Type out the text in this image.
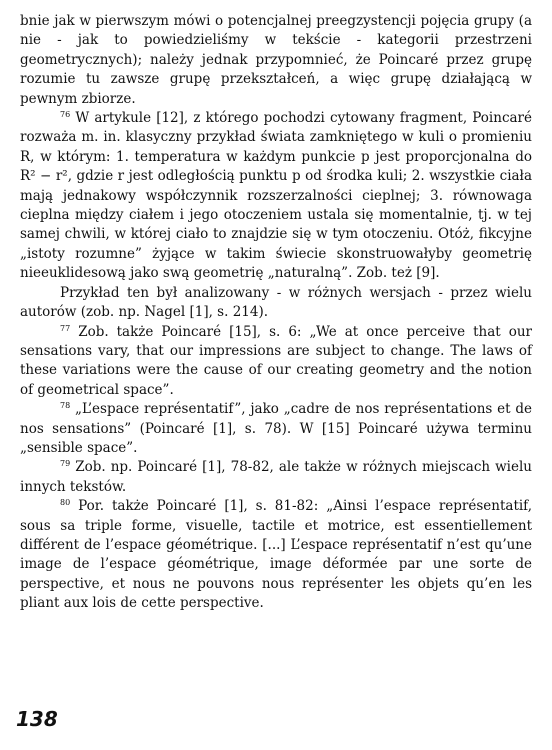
bnie jak w pierwszym mówi o potencjalnej preegzystencji pojęcia grupy (a nie - jak to powiedzieliśmy w tekście - kategorii przestrzeni geometrycznych); należy jednak przypomnieć, że Poincaré przez grupę rozumie tu zawsze grupę przekształceń, a więc grupę działającą w pewnym zbiorze.

$^{76}$ W artykule [12], z którego pochodzi cytowany fragment, Poincaré rozważa m. in. klasyczny przykład świata zamkniętego w kuli o promieniu R, w którym: 1. temperatura w każdym punkcie p jest proporcjonalna do R² − r², gdzie r jest odległością punktu p od środka kuli; 2. wszystkie ciała mają jednakowy współczynnik rozszerzalności cieplnej; 3. równowaga cieplna między ciałem i jego otoczeniem ustala się momentalnie, tj. w tej samej chwili, w której ciało to znajdzie się w tym otoczeniu. Otóż, fikcyjne „istoty rozumne” żyjące w takim świecie skonstruowałyby geometrię nieeuklidesową jako swą geometrię „naturalną”. Zob. też [9].

Przykład ten był analizowany - w różnych wersjach - przez wielu autorów (zob. np. Nagel [1], s. 214).

$^{77}$ Zob. także Poincaré [15], s. 6: „We at once perceive that our sensations vary, that our impressions are subject to change. The laws of these variations were the cause of our creating geometry and the notion of geometrical space”.

$^{78}$ „L’espace représentatif”, jako „cadre de nos représentations et de nos sensations” (Poincaré [1], s. 78). W [15] Poincaré używa terminu „sensible space”.

$^{79}$ Zob. np. Poincaré [1], 78-82, ale także w różnych miejscach wielu innych tekstów.

$^{80}$ Por. także Poincaré [1], s. 81-82: „Ainsi l’espace représentatif, sous sa triple forme, visuelle, tactile et motrice, est essentiellement différent de l’espace géométrique. [...] L’espace représentatif n’est qu’une image de l’espace géométrique, image déformée par une sorte de perspective, et nous ne pouvons nous représenter les objets qu’en les pliant aux lois de cette perspective.

138
